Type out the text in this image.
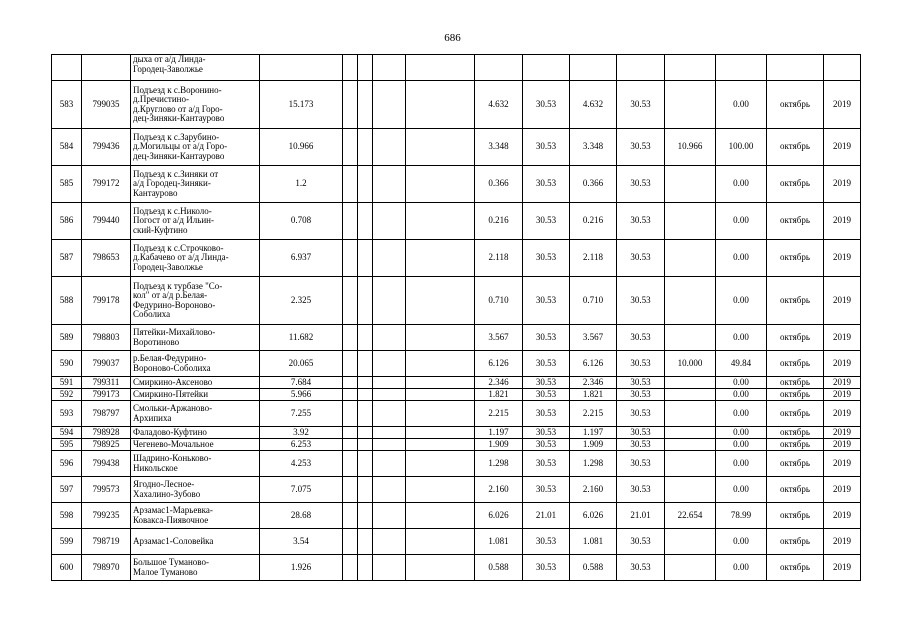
686
		дыха от а/д Линда-
Городец-Заволжье													
583	799035	Подъезд к с.Воронино-
д.Пречистино-
д.Круглово от а/д Горо-
дец-Зиняки-Кантаурово	15.173					4.632	30.53	4.632	30.53		0.00	октябрь	2019
584	799436	Подъезд к с.Зарубино-
д.Могильцы от а/д Горо-
дец-Зиняки-Кантаурово	10.966					3.348	30.53	3.348	30.53	10.966	100.00	октябрь	2019
585	799172	Подъезд к с.Зиняки от
а/д Городец-Зиняки-
Кантаурово	1.2					0.366	30.53	0.366	30.53		0.00	октябрь	2019
586	799440	Подъезд к с.Николо-
Погост от а/д Ильин-
ский-Куфтино	0.708					0.216	30.53	0.216	30.53		0.00	октябрь	2019
587	798653	Подъезд к с.Строчково-
д.Кабачево от а/д Линда-
Городец-Заволжье	6.937					2.118	30.53	2.118	30.53		0.00	октябрь	2019
588	799178	Подъезд к турбазе "Со-
кол" от а/д р.Белая-
Федурино-Вороново-
Соболиха	2.325					0.710	30.53	0.710	30.53		0.00	октябрь	2019
589	798803	Пятейки-Михайлово-
Воротиново	11.682					3.567	30.53	3.567	30.53		0.00	октябрь	2019
590	799037	р.Белая-Федурино-
Вороново-Соболиха	20.065					6.126	30.53	6.126	30.53	10.000	49.84	октябрь	2019
591	799311	Смиркино-Аксеново	7.684					2.346	30.53	2.346	30.53		0.00	октябрь	2019
592	799173	Смиркино-Пятейки	5.966					1.821	30.53	1.821	30.53		0.00	октябрь	2019
593	798797	Смольки-Аржаново-
Архипиха	7.255					2.215	30.53	2.215	30.53		0.00	октябрь	2019
594	798928	Фаладово-Куфтино	3.92					1.197	30.53	1.197	30.53		0.00	октябрь	2019
595	798925	Чегенево-Мочальное	6.253					1.909	30.53	1.909	30.53		0.00	октябрь	2019
596	799438	Шадрино-Коньково-
Никольское	4.253					1.298	30.53	1.298	30.53		0.00	октябрь	2019
597	799573	Ягодно-Лесное-
Хахалино-Зубово	7.075					2.160	30.53	2.160	30.53		0.00	октябрь	2019
598	799235	Арзамас1-Марьевка-
Ковакса-Пиявочное	28.68					6.026	21.01	6.026	21.01	22.654	78.99	октябрь	2019
599	798719	Арзамас1-Соловейка	3.54					1.081	30.53	1.081	30.53		0.00	октябрь	2019
600	798970	Большое Туманово-
Малое Туманово	1.926					0.588	30.53	0.588	30.53		0.00	октябрь	2019
